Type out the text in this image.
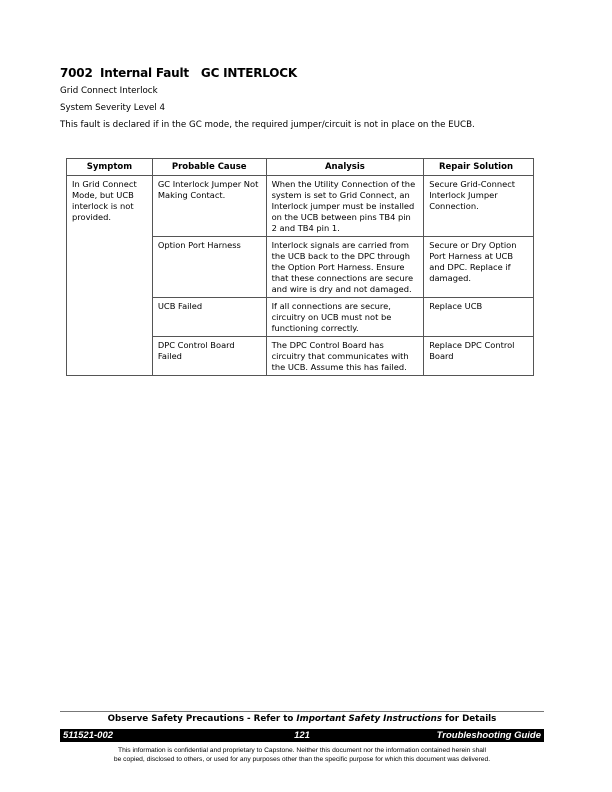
7002 Internal Fault GC INTERLOCK

Grid Connect Interlock

System Severity Level 4

This fault is declared if in the GC mode, the required jumper/circuit is not in place on the EUCB.

Symptom	Probable Cause	Analysis	Repair Solution
In Grid Connect Mode, but UCB interlock is not provided.	GC Interlock Jumper Not Making Contact.	When the Utility Connection of the system is set to Grid Connect, an Interlock jumper must be installed on the UCB between pins TB4 pin 2 and TB4 pin 1.	Secure Grid-Connect Interlock Jumper Connection.
	Option Port Harness	Interlock signals are carried from the UCB back to the DPC through the Option Port Harness. Ensure that these connections are secure and wire is dry and not damaged.	Secure or Dry Option Port Harness at UCB and DPC. Replace if damaged.
	UCB Failed	If all connections are secure, circuitry on UCB must not be functioning correctly.	Replace UCB
	DPC Control Board Failed	The DPC Control Board has circuitry that communicates with the UCB. Assume this has failed.	Replace DPC Control Board
Observe Safety Precautions - Refer to Important Safety Instructions for Details
511521-002	121	Troubleshooting Guide
This information is confidential and proprietary to Capstone. Neither this document nor the information contained herein shall
be copied, disclosed to others, or used for any purposes other than the specific purpose for which this document was delivered.
